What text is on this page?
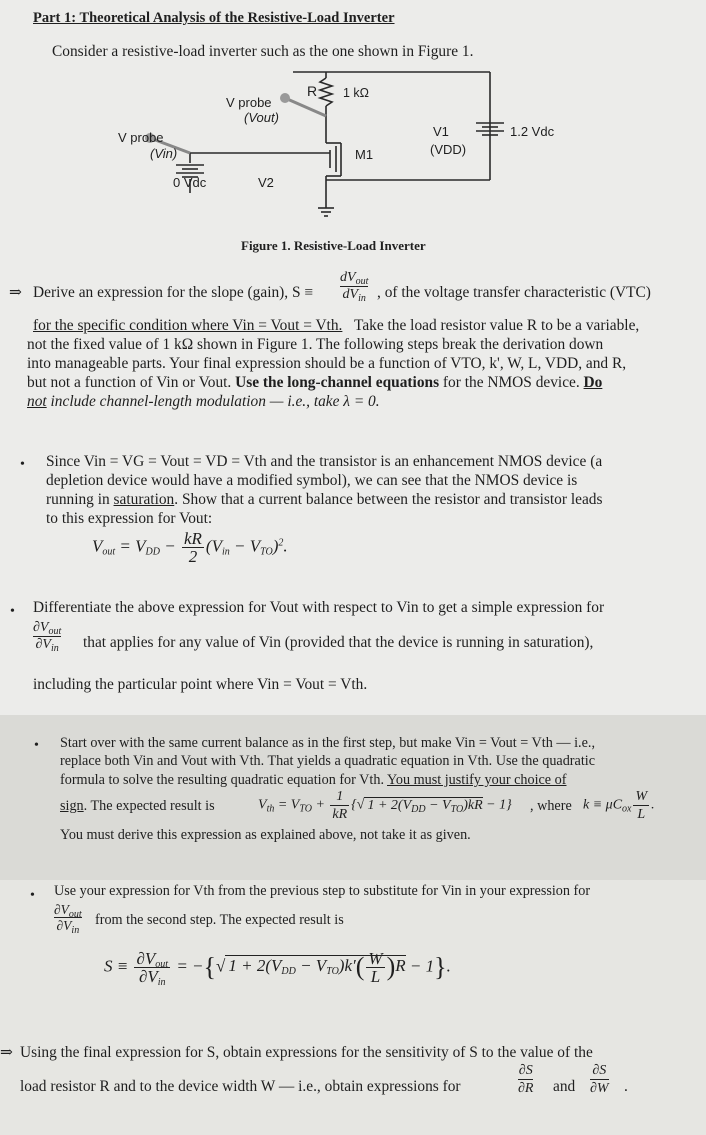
Part 1: Theoretical Analysis of the Resistive-Load Inverter
Consider a resistive-load inverter such as the one shown in Figure 1.
R 1 kΩ
V probe
(Vout)
V probe
(Vin)
V1
(VDD)
1.2 Vdc
M1
0 Vdc	V2
Figure 1. Resistive-Load Inverter
⇒ Derive an expression for the slope (gain), S ≡
$dV_{out}$
$dV_{in}$ , of the voltage transfer characteristic (VTC)
for the specific condition where Vin = Vout = Vth. Take the load resistor value R to be a variable,
not the fixed value of 1 kΩ shown in Figure 1. The following steps break the derivation down
into manageable parts. Your final expression should be a function of VTO, k', W, L, VDD, and R,
but not a function of Vin or Vout. Use the long-channel equations for the NMOS device. Do
not include channel-length modulation — i.e., take λ = 0.
• Since Vin = VG = Vout = VD = Vth and the transistor is an enhancement NMOS device (a
depletion device would have a modified symbol), we can see that the NMOS device is
running in saturation. Show that a current balance between the resistor and transistor leads
to this expression for Vout:
$V_{out} = V_{DD} - \frac{kR}{2} (V_{in} - V_{TO})^2$.
• Differentiate the above expression for Vout with respect to Vin to get a simple expression for
$\partial V_{out}$
$\partial V_{in}$ that applies for any value of Vin (provided that the device is running in saturation),
including the particular point where Vin = Vout = Vth.
• Start over with the same current balance as in the first step, but make Vin = Vout = Vth — i.e.,
replace both Vin and Vout with Vth. That yields a quadratic equation in Vth. Use the quadratic
formula to solve the resulting quadratic equation for Vth. You must justify your choice of
sign. The expected result is	$V_{th} = V_{TO} + \frac{1}{kR}$ {√ $1 + 2(V_{DD} - V_{TO})kR - 1$} , where $k \equiv \mu C_{ox} \frac{W}{L}$ .
You must derive this expression as explained above, not take it as given.
• Use your expression for Vth from the previous step to substitute for Vin in your expression for
$\partial V_{out}$
$\partial V_{in}$
from the second step. The expected result is
$S \equiv \frac{\partial V_{out}}{\partial V_{in}}$ = −{√ $1 + 2(V_{DD} - V_{TO})k'( \frac{W}{L} )R - 1$}.
⇒ Using the final expression for S, obtain expressions for the sensitivity of S to the value of the
load resistor R and to the device width W — i.e., obtain expressions for
∂S
∂R and
∂S
∂W .
